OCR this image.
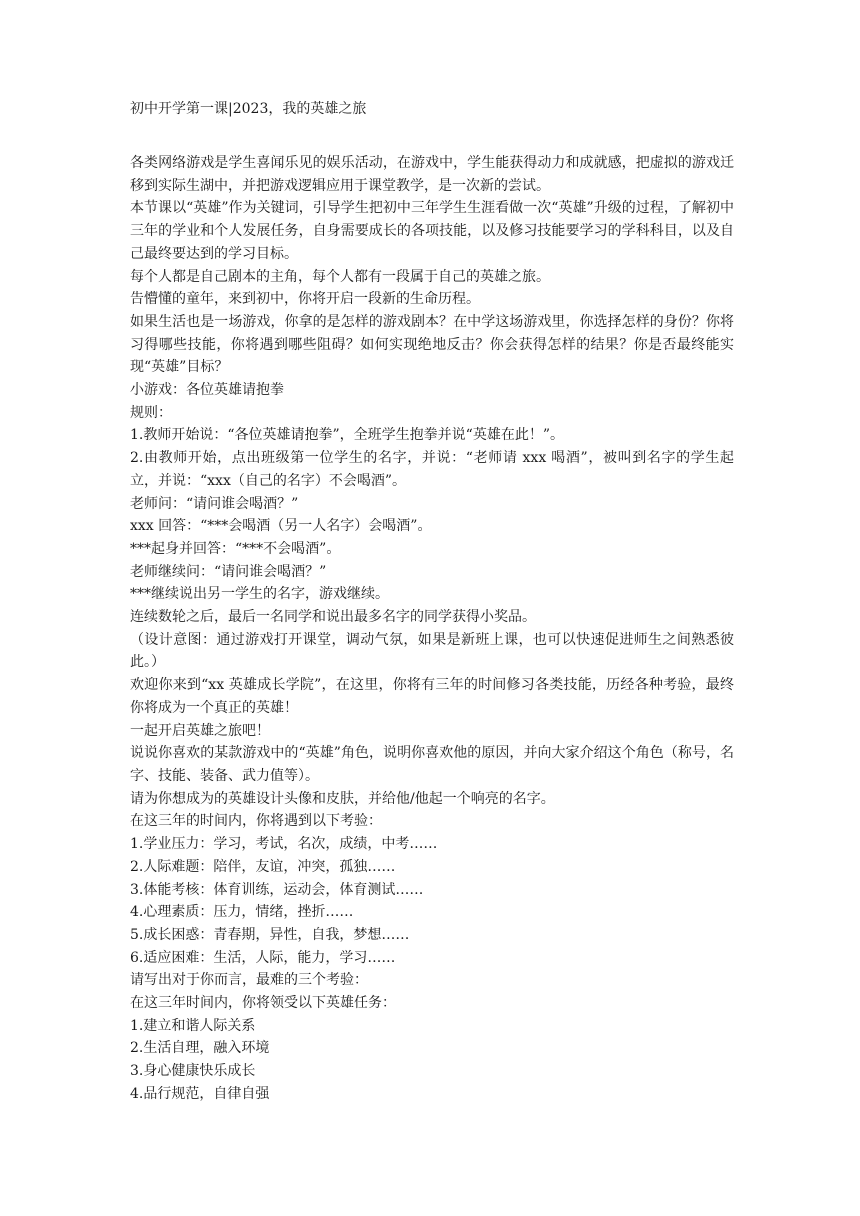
初中开学第一课|2023，我的英雄之旅

各类网络游戏是学生喜闻乐见的娱乐活动，在游戏中，学生能获得动力和成就感，把虚拟的游戏迁移到实际生湖中，并把游戏逻辑应用于课堂教学，是一次新的尝试。

本节课以“英雄”作为关键词，引导学生把初中三年学生生涯看做一次“英雄”升级的过程，了解初中三年的学业和个人发展任务，自身需要成长的各项技能，以及修习技能要学习的学科科目，以及自己最终要达到的学习目标。

每个人都是自己剧本的主角，每个人都有一段属于自己的英雄之旅。

告懵懂的童年，来到初中，你将开启一段新的生命历程。

如果生活也是一场游戏，你拿的是怎样的游戏剧本？在中学这场游戏里，你选择怎样的身份？你将习得哪些技能，你将遇到哪些阻碍？如何实现绝地反击？你会获得怎样的结果？你是否最终能实现“英雄”目标？

小游戏：各位英雄请抱拳

规则：

1.教师开始说：“各位英雄请抱拳”，全班学生抱拳并说“英雄在此！”。

2.由教师开始，点出班级第一位学生的名字，并说：“老师请 xxx 喝酒”，被叫到名字的学生起立，并说：“xxx（自己的名字）不会喝酒”。

老师问：“请问谁会喝酒？”

xxx 回答：“***会喝酒（另一人名字）会喝酒”。

***起身并回答：“***不会喝酒”。

老师继续问：“请问谁会喝酒？”

***继续说出另一学生的名字，游戏继续。

连续数轮之后，最后一名同学和说出最多名字的同学获得小奖品。

（设计意图：通过游戏打开课堂，调动气氛，如果是新班上课，也可以快速促进师生之间熟悉彼此。）

欢迎你来到“xx 英雄成长学院”，在这里，你将有三年的时间修习各类技能，历经各种考验，最终你将成为一个真正的英雄！

一起开启英雄之旅吧！

说说你喜欢的某款游戏中的“英雄”角色，说明你喜欢他的原因，并向大家介绍这个角色（称号，名字、技能、装备、武力值等）。

请为你想成为的英雄设计头像和皮肤，并给他/他起一个响亮的名字。

在这三年的时间内，你将遇到以下考验：

1.学业压力：学习，考试，名次，成绩，中考……

2.人际难题：陪伴，友谊，冲突，孤独……

3.体能考核：体育训练，运动会，体育测试……

4.心理素质：压力，情绪，挫折……

5.成长困惑：青春期，异性，自我，梦想……

6.适应困难：生活，人际，能力，学习……

请写出对于你而言，最难的三个考验：

在这三年时间内，你将领受以下英雄任务：

1.建立和谐人际关系

2.生活自理，融入环境

3.身心健康快乐成长

4.品行规范，自律自强
